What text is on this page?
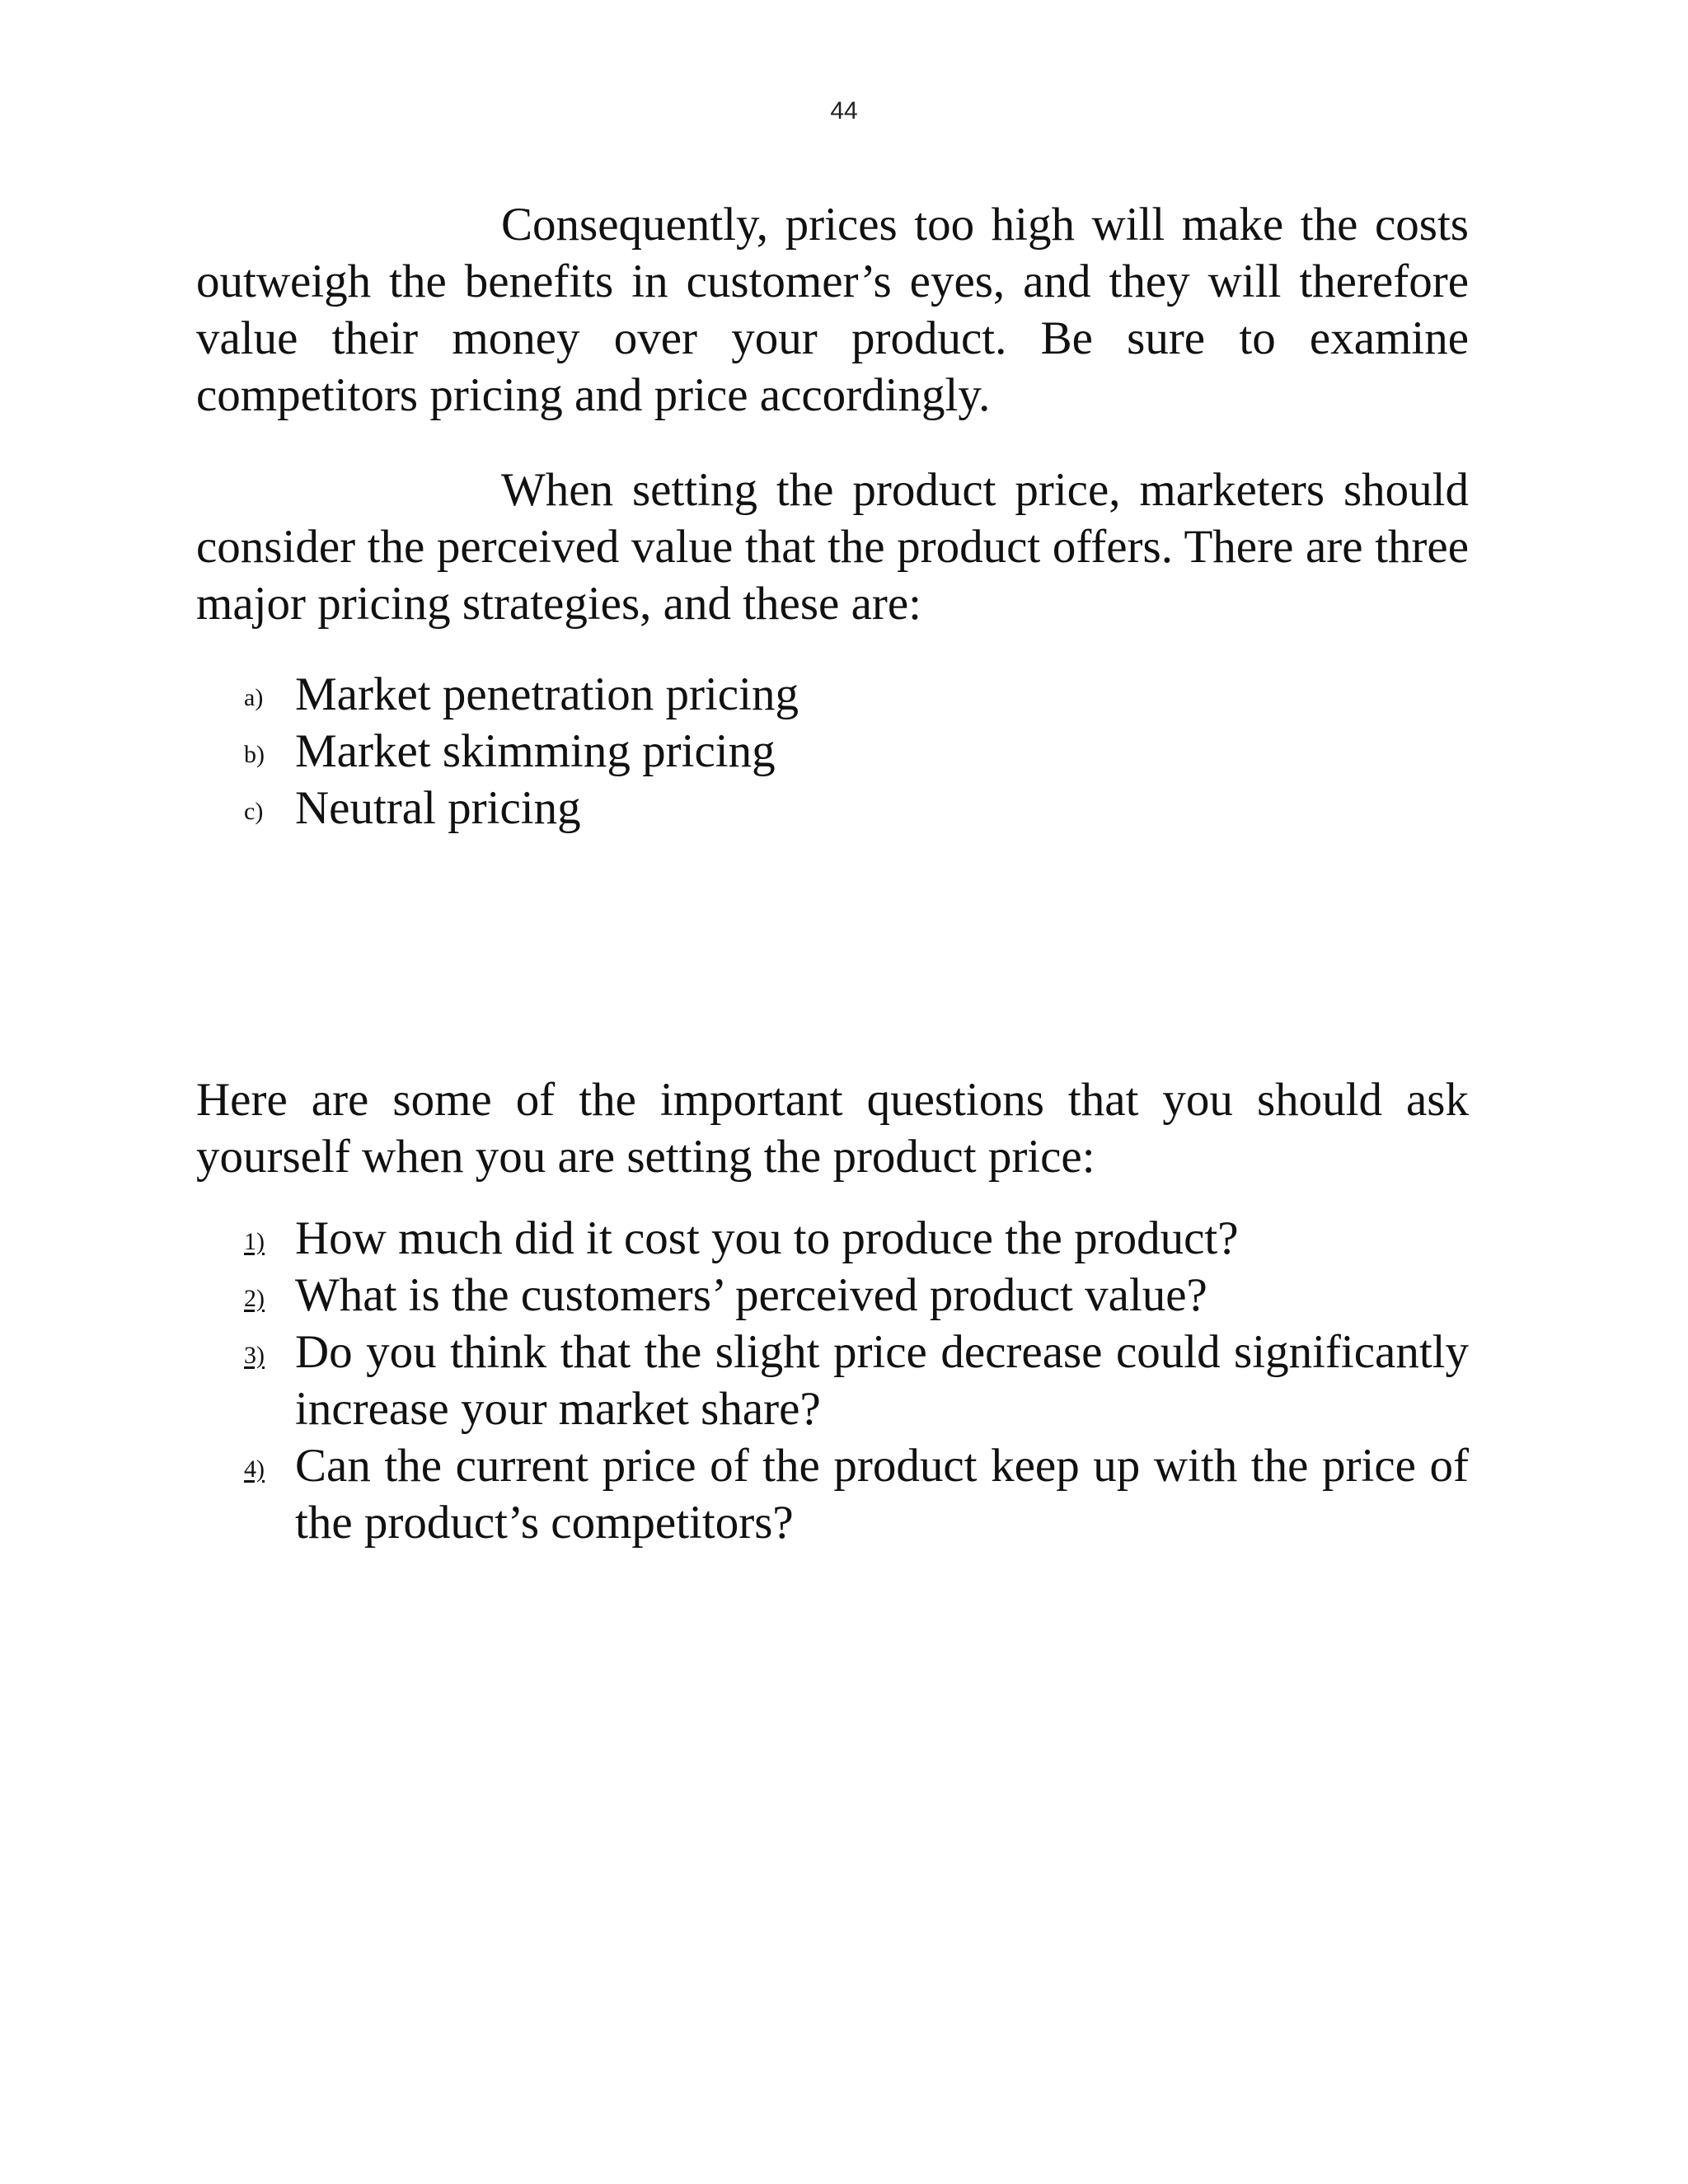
44

Consequently, prices too high will make the costs outweigh the benefits in customer’s eyes, and they will therefore value their money over your product. Be sure to examine competitors pricing and price accordingly.

When setting the product price, marketers should consider the perceived value that the product offers. There are three major pricing strategies, and these are:

a) Market penetration pricing
b) Market skimming pricing
c) Neutral pricing

Here are some of the important questions that you should ask yourself when you are setting the product price:

1) How much did it cost you to produce the product?
2) What is the customers’ perceived product value?
3) Do you think that the slight price decrease could significantly increase your market share?
4) Can the current price of the product keep up with the price of the product’s competitors?
